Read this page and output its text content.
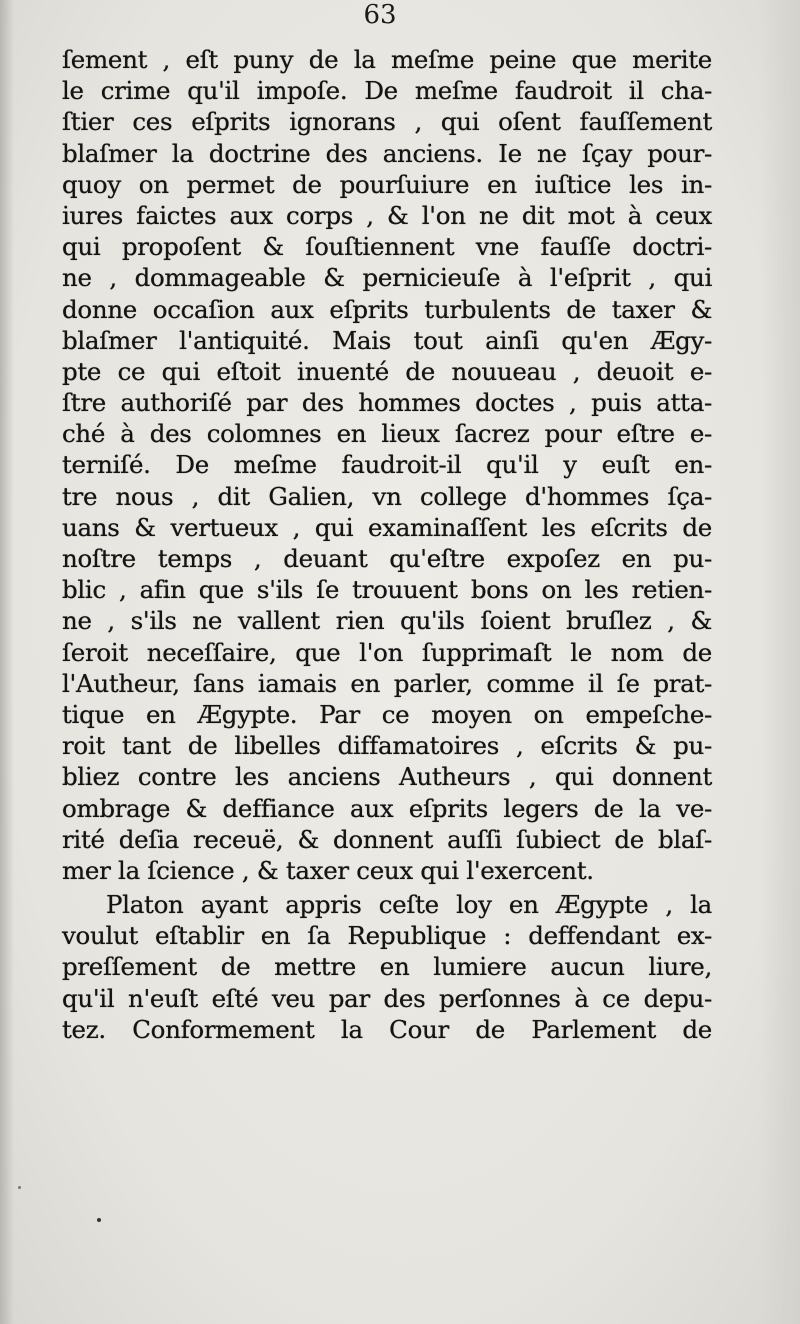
63
ſement , eſt puny de la meſme peine que merite
le crime qu'il impoſe. De meſme faudroit il cha-
ſtier ces eſprits ignorans , qui oſent fauſſement
blaſmer la doctrine des anciens. Ie ne ſçay pour-
quoy on permet de pourſuiure en iuſtice les in-
iures faictes aux corps , & l'on ne dit mot à ceux
qui propoſent & ſouſtiennent vne fauſſe doctri-
ne , dommageable & pernicieuſe à l'eſprit , qui
donne occaſion aux eſprits turbulents de taxer &
blaſmer l'antiquité. Mais tout ainſi qu'en Ægy-
pte ce qui eſtoit inuenté de nouueau , deuoit e-
ſtre authoriſé par des hommes doctes , puis atta-
ché à des colomnes en lieux ſacrez pour eſtre e-
terniſé. De meſme faudroit-il qu'il y euſt en-
tre nous , dit Galien, vn college d'hommes ſça-
uans & vertueux , qui examinaſſent les eſcrits de
noſtre temps , deuant qu'eſtre expoſez en pu-
blic , afin que s'ils ſe trouuent bons on les retien-
ne , s'ils ne vallent rien qu'ils ſoient bruſlez , &
ſeroit neceſſaire, que l'on ſupprimaſt le nom de
l'Autheur, ſans iamais en parler, comme il ſe prat-
tique en Ægypte. Par ce moyen on empeſche-
roit tant de libelles diffamatoires , eſcrits & pu-
bliez contre les anciens Autheurs , qui donnent
ombrage & deffiance aux eſprits legers de la ve-
rité deſia receuë, & donnent auſſi ſubiect de blaſ-
mer la ſcience , & taxer ceux qui l'exercent.
Platon ayant appris ceſte loy en Ægypte , la
voulut eſtablir en ſa Republique : deffendant ex-
preſſement de mettre en lumiere aucun liure,
qu'il n'euſt eſté veu par des perſonnes à ce depu-
tez. Conformement la Cour de Parlement de
